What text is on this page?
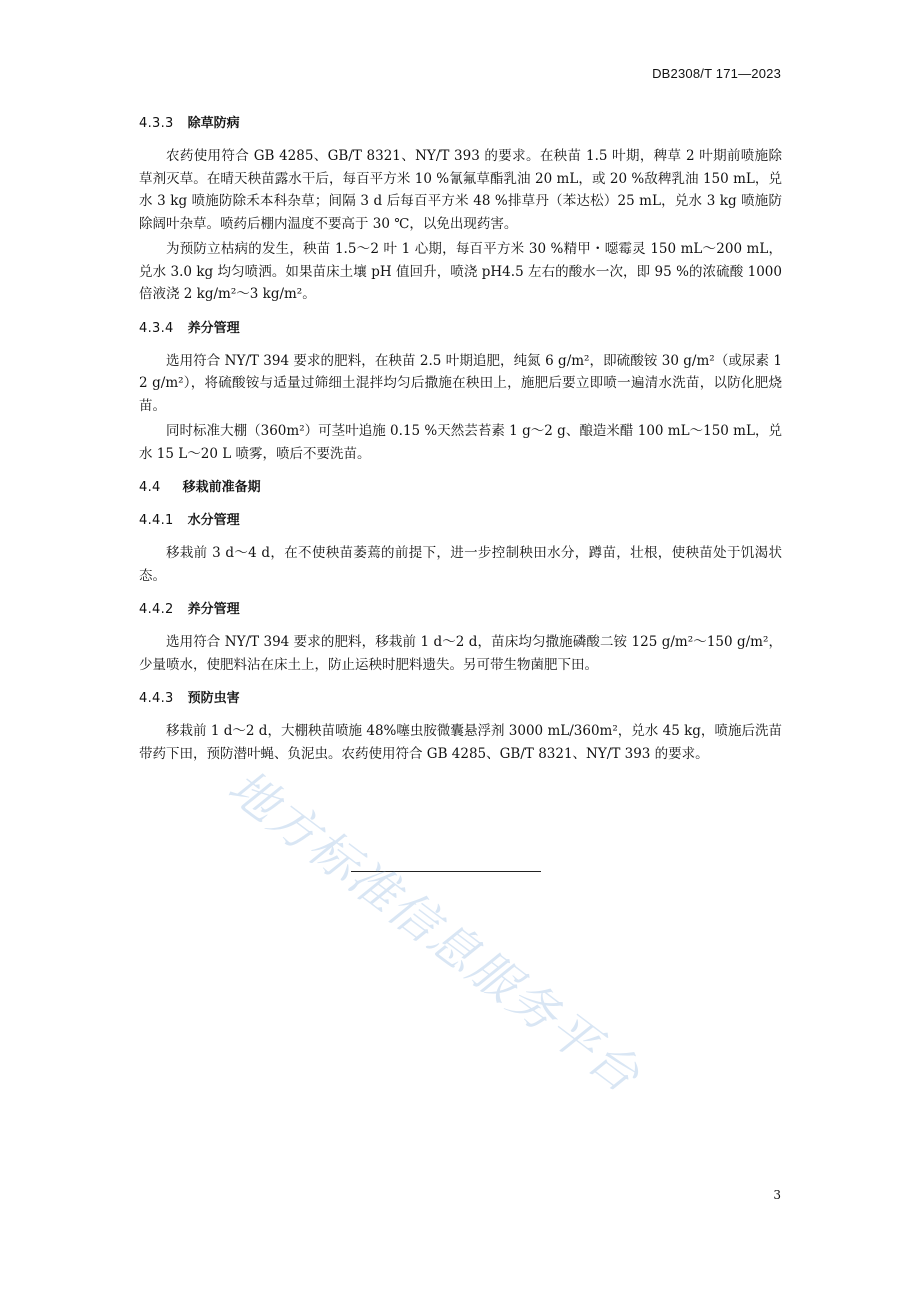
DB2308/T 171—2023
4.3.3 除草防病

农药使用符合 GB 4285、GB/T 8321、NY/T 393 的要求。在秧苗 1.5 叶期，稗草 2 叶期前喷施除草剂灭草。在晴天秧苗露水干后，每百平方米 10 %氰氟草酯乳油 20 mL，或 20 %敌稗乳油 150 mL，兑水 3 kg 喷施防除禾本科杂草；间隔 3 d 后每百平方米 48 %排草丹（苯达松）25 mL，兑水 3 kg 喷施防除阔叶杂草。喷药后棚内温度不要高于 30 ℃，以免出现药害。

为预防立枯病的发生，秧苗 1.5～2 叶 1 心期，每百平方米 30 %精甲・噁霉灵 150 mL～200 mL，兑水 3.0 kg 均匀喷洒。如果苗床土壤 pH 值回升，喷浇 pH4.5 左右的酸水一次，即 95 %的浓硫酸 1000 倍液浇 2 kg/m²～3 kg/m²。

4.3.4 养分管理

选用符合 NY/T 394 要求的肥料，在秧苗 2.5 叶期追肥，纯氮 6 g/m²，即硫酸铵 30 g/m²（或尿素 12 g/m²），将硫酸铵与适量过筛细土混拌均匀后撒施在秧田上，施肥后要立即喷一遍清水洗苗，以防化肥烧苗。

同时标准大棚（360m²）可茎叶追施 0.15 %天然芸苔素 1 g～2 g、酿造米醋 100 mL～150 mL，兑水 15 L～20 L 喷雾，喷后不要洗苗。

4.4 移栽前准备期
4.4.1 水分管理

移栽前 3 d～4 d，在不使秧苗萎蔫的前提下，进一步控制秧田水分，蹲苗，壮根，使秧苗处于饥渴状态。

4.4.2 养分管理

选用符合 NY/T 394 要求的肥料，移栽前 1 d～2 d，苗床均匀撒施磷酸二铵 125 g/m²～150 g/m²，少量喷水，使肥料沾在床土上，防止运秧时肥料遗失。另可带生物菌肥下田。

4.4.3 预防虫害

移栽前 1 d～2 d，大棚秧苗喷施 48%噻虫胺微囊悬浮剂 3000 mL/360m²，兑水 45 kg，喷施后洗苗带药下田，预防潜叶蝇、负泥虫。农药使用符合 GB 4285、GB/T 8321、NY/T 393 的要求。

地方标准信息服务平台
3
